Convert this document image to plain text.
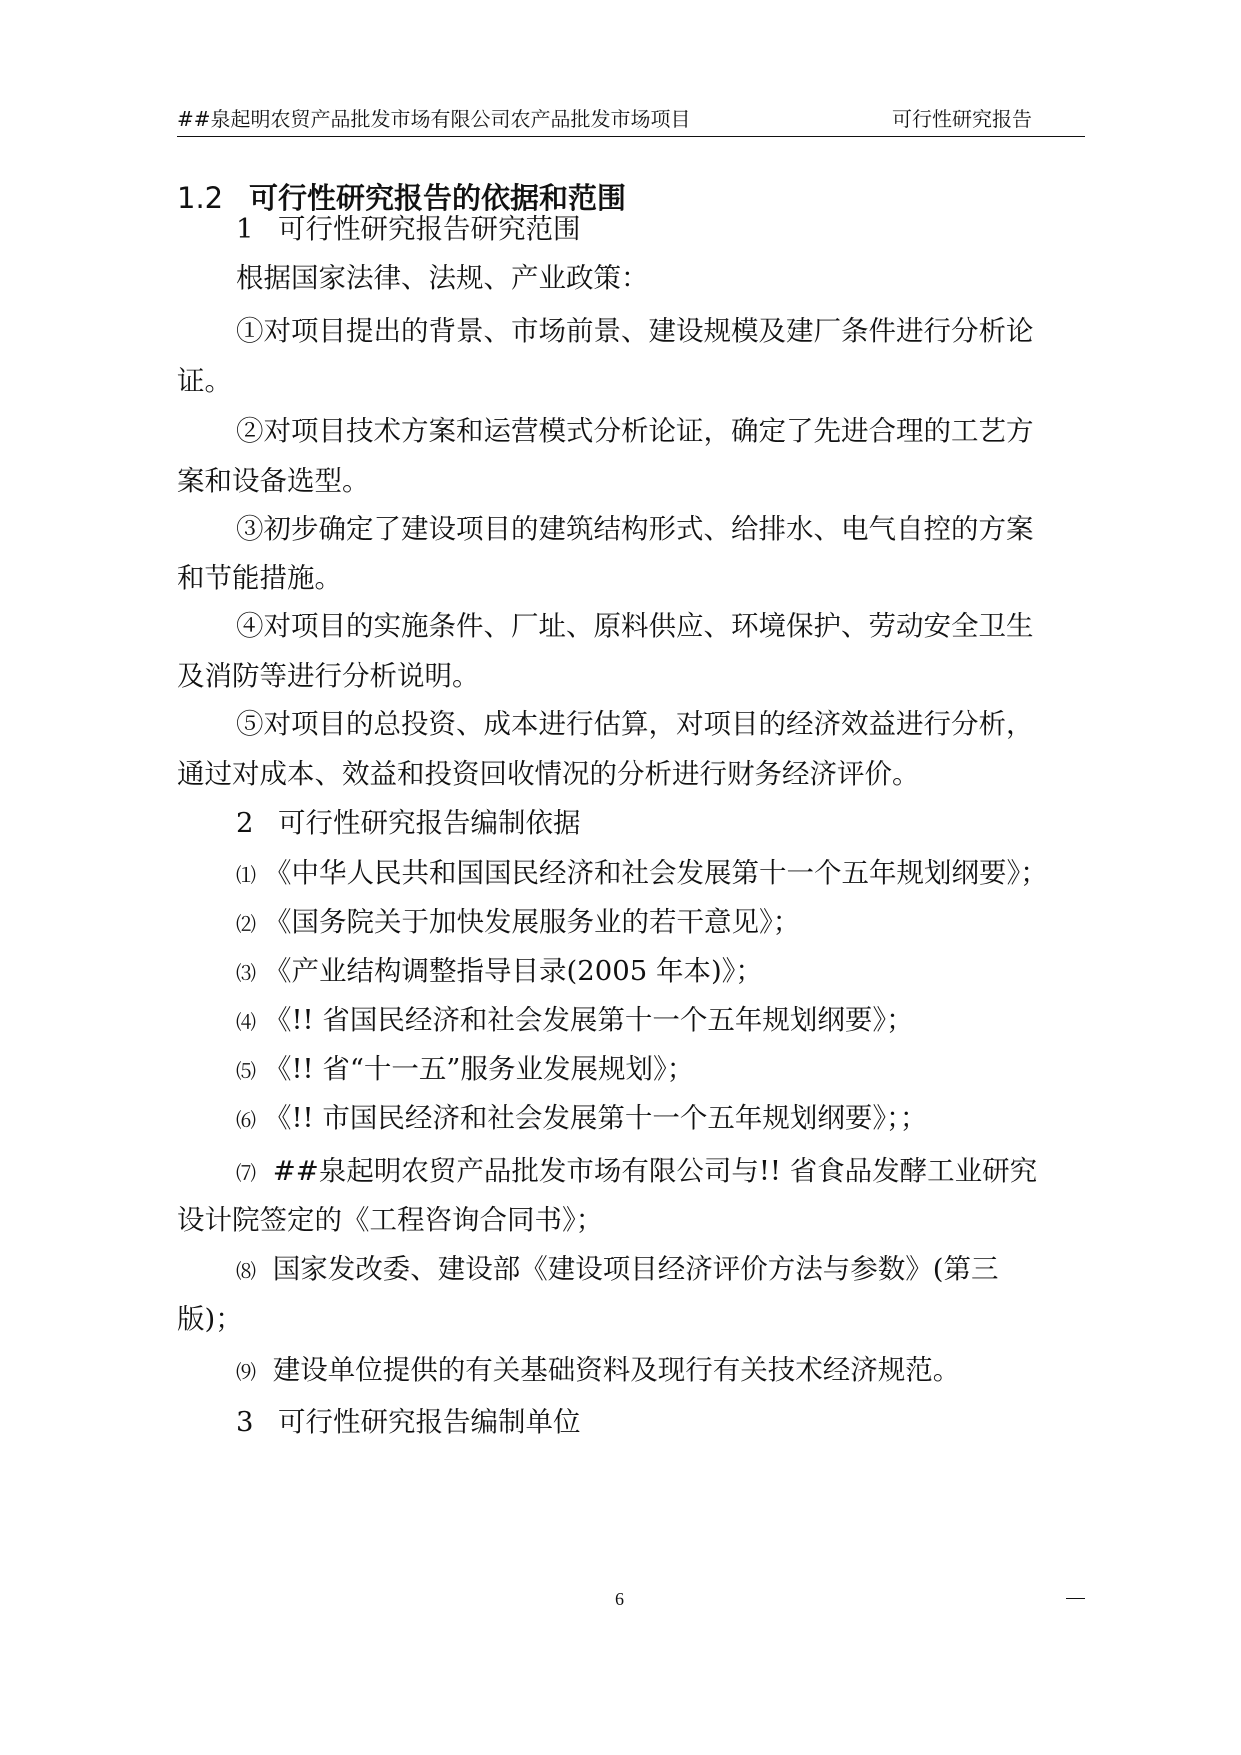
##泉起明农贸产品批发市场有限公司农产品批发市场项目	可行性研究报告
1.2 可行性研究报告的依据和范围
1 可行性研究报告研究范围
根据国家法律、法规、产业政策：
①对项目提出的背景、市场前景、建设规模及建厂条件进行分析论
证。
②对项目技术方案和运营模式分析论证，确定了先进合理的工艺方
案和设备选型。
③初步确定了建设项目的建筑结构形式、给排水、电气自控的方案
和节能措施。
④对项目的实施条件、厂址、原料供应、环境保护、劳动安全卫生
及消防等进行分析说明。
⑤对项目的总投资、成本进行估算，对项目的经济效益进行分析，
通过对成本、效益和投资回收情况的分析进行财务经济评价。
2 可行性研究报告编制依据
⑴ 《中华人民共和国国民经济和社会发展第十一个五年规划纲要》；
⑵ 《国务院关于加快发展服务业的若干意见》；
⑶ 《产业结构调整指导目录(2005 年本)》；
⑷ 《!! 省国民经济和社会发展第十一个五年规划纲要》；
⑸ 《!! 省“十一五”服务业发展规划》；
⑹ 《!! 市国民经济和社会发展第十一个五年规划纲要》；；
⑺ ##泉起明农贸产品批发市场有限公司与!! 省食品发酵工业研究
设计院签定的《工程咨询合同书》；
⑻ 国家发改委、建设部《建设项目经济评价方法与参数》(第三
版)；
⑼ 建设单位提供的有关基础资料及现行有关技术经济规范。
3 可行性研究报告编制单位
6
